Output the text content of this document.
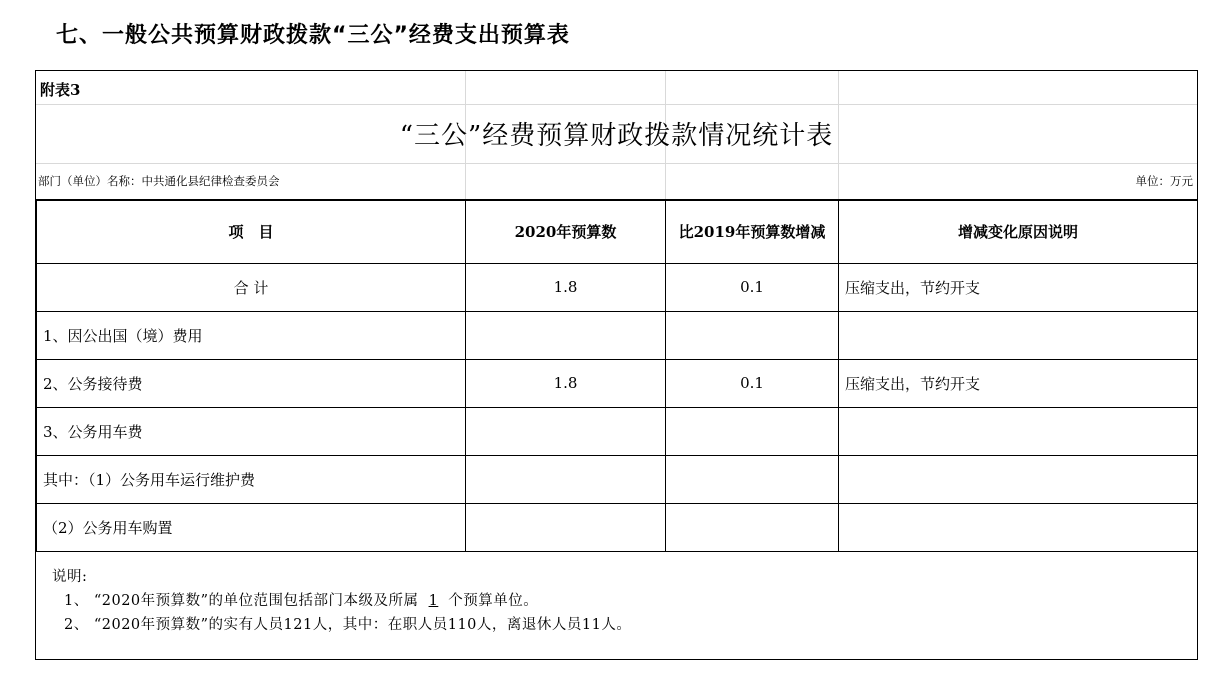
七、一般公共预算财政拨款“三公”经费支出预算表
附表3
“三公”经费预算财政拨款情况统计表
部门（单位）名称：中共通化县纪律检查委员会	单位：万元
项　目	2020年预算数	比2019年预算数增减	增减变化原因说明
合 计	1.8	0.1	压缩支出，节约开支
1、因公出国（境）费用			
2、公务接待费	1.8	0.1	压缩支出，节约开支
3、公务用车费			
其中：（1）公务用车运行维护费			
（2）公务用车购置			
说明:
1、 “2020年预算数”的单位范围包括部门本级及所属 1 个预算单位。
2、 “2020年预算数”的实有人员121人，其中：在职人员110人，离退休人员11人。
